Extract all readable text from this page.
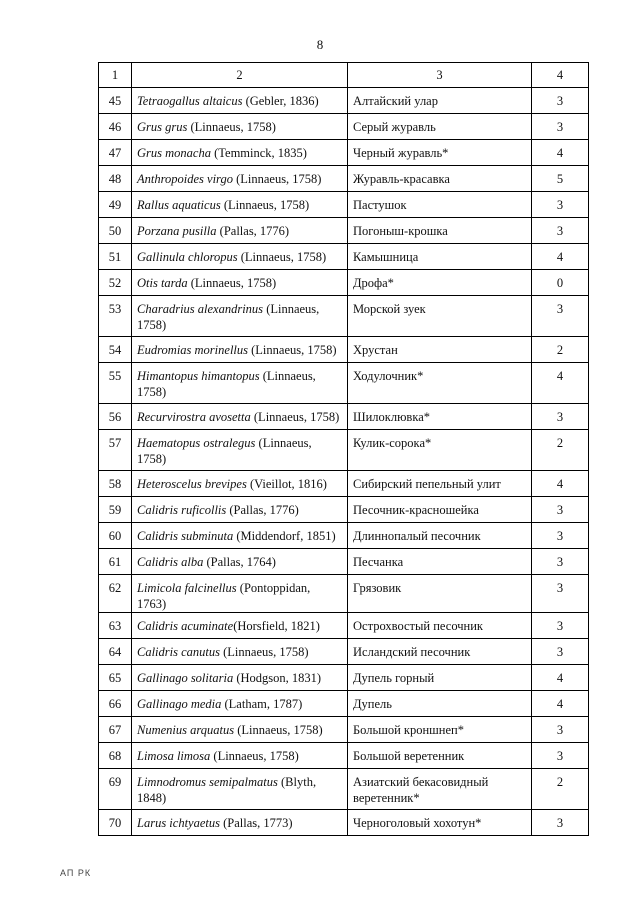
8
1	2	3	4
45	Tetraogallus altaicus (Gebler, 1836)	Алтайский улар	3
46	Grus grus (Linnaeus, 1758)	Серый журавль	3
47	Grus monacha (Temminck, 1835)	Черный журавль*	4
48	Anthropoides virgo (Linnaeus, 1758)	Журавль-красавка	5
49	Rallus aquaticus (Linnaeus, 1758)	Пастушок	3
50	Porzana pusilla (Pallas, 1776)	Погоныш-крошка	3
51	Gallinula chloropus (Linnaeus, 1758)	Камышница	4
52	Otis tarda (Linnaeus, 1758)	Дрофа*	0
53	Charadrius alexandrinus (Linnaeus, 1758)	Морской зуек	3
54	Eudromias morinellus (Linnaeus, 1758)	Хрустан	2
55	Himantopus himantopus (Linnaeus, 1758)	Ходулочник*	4
56	Recurvirostra avosetta (Linnaeus, 1758)	Шилоклювка*	3
57	Haematopus ostralegus (Linnaeus, 1758)	Кулик-сорока*	2
58	Heteroscelus brevipes (Vieillot, 1816)	Сибирский пепельный улит	4
59	Calidris ruficollis (Pallas, 1776)	Песочник-красношейка	3
60	Calidris subminuta (Middendorf, 1851)	Длиннопалый песочник	3
61	Calidris alba (Pallas, 1764)	Песчанка	3
62	Limicola falcinellus (Pontoppidan, 1763)	Грязовик	3
63	Calidris acuminate(Horsfield, 1821)	Острохвостый песочник	3
64	Calidris canutus (Linnaeus, 1758)	Исландский песочник	3
65	Gallinago solitaria (Hodgson, 1831)	Дупель горный	4
66	Gallinago media (Latham, 1787)	Дупель	4
67	Numenius arquatus (Linnaeus, 1758)	Большой кроншнеп*	3
68	Limosa limosa (Linnaeus, 1758)	Большой веретенник	3
69	Limnodromus semipalmatus (Blyth, 1848)	Азиатский бекасовидный веретенник*	2
70	Larus ichtyaetus (Pallas, 1773)	Черноголовый хохотун*	3
АП РК
